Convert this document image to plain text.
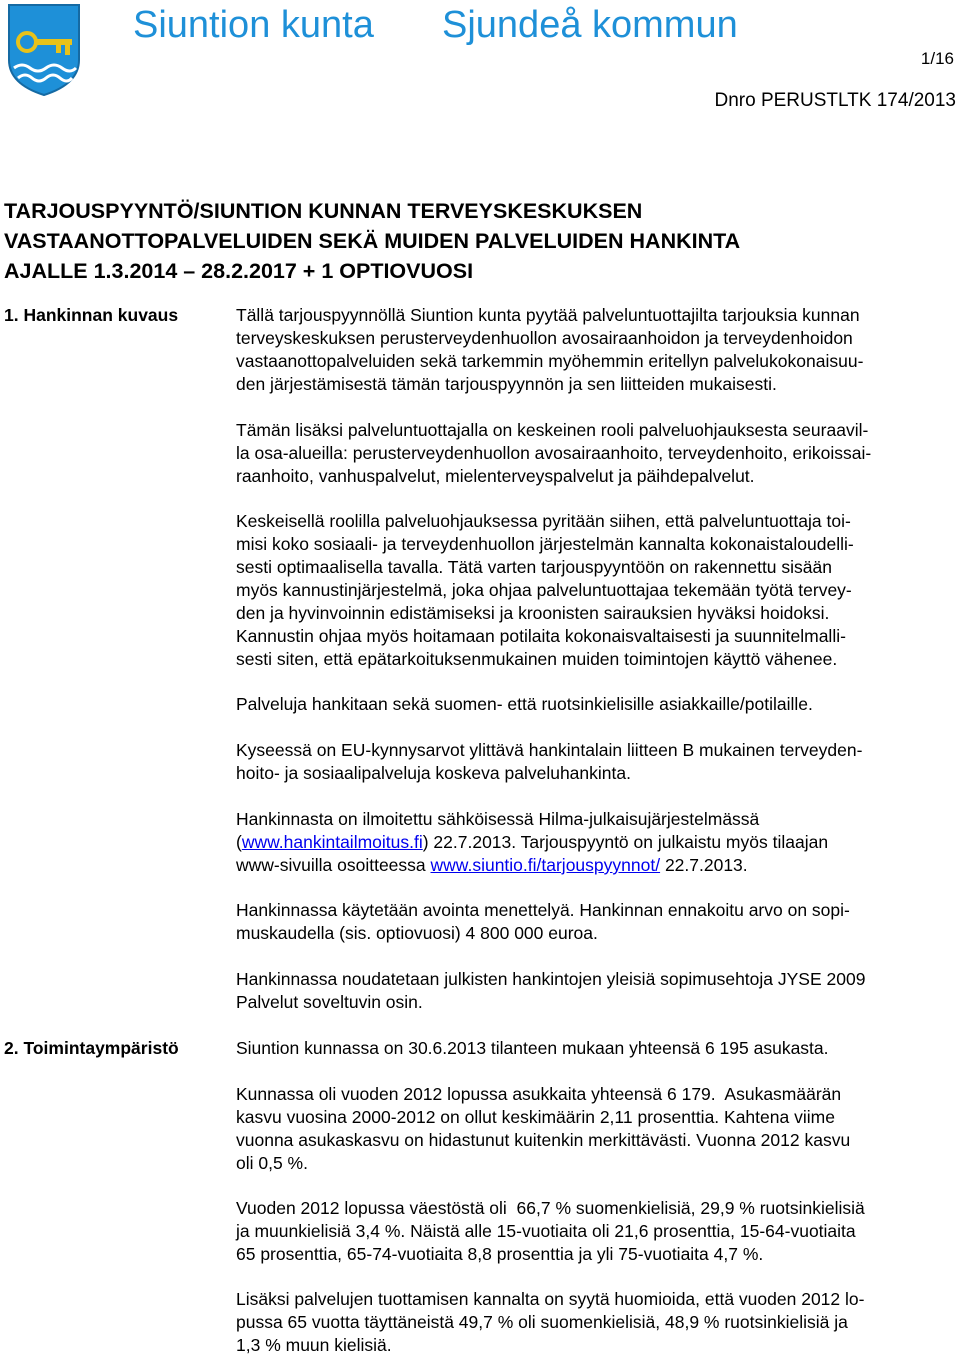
Siuntion kunta Sjundeå kommun
1/16
Dnro PERUSTLTK 174/2013
TARJOUSPYYNTÖ/SIUNTION KUNNAN TERVEYSKESKUKSEN
VASTAANOTTOPALVELUIDEN SEKÄ MUIDEN PALVELUIDEN HANKINTA
AJALLE 1.3.2014 – 28.2.2017 + 1 OPTIOVUOSI
1. Hankinnan kuvaus	Tällä tarjouspyynnöllä Siuntion kunta pyytää palveluntuottajilta tarjouksia kunnan
terveyskeskuksen perusterveydenhuollon avosairaanhoidon ja terveydenhoidon
vastaanottopalveluiden sekä tarkemmin myöhemmin eritellyn palvelukokonaisuu-
den järjestämisestä tämän tarjouspyynnön ja sen liitteiden mukaisesti.

Tämän lisäksi palveluntuottajalla on keskeinen rooli palveluohjauksesta seuraavil-
la osa-alueilla: perusterveydenhuollon avosairaanhoito, terveydenhoito, erikoissai-
raanhoito, vanhuspalvelut, mielenterveyspalvelut ja päihdepalvelut.

Keskeisellä roolilla palveluohjauksessa pyritään siihen, että palveluntuottaja toi-
misi koko sosiaali- ja terveydenhuollon järjestelmän kannalta kokonaistaloudelli-
sesti optimaalisella tavalla. Tätä varten tarjouspyyntöön on rakennettu sisään
myös kannustinjärjestelmä, joka ohjaa palveluntuottajaa tekemään työtä tervey-
den ja hyvinvoinnin edistämiseksi ja kroonisten sairauksien hyväksi hoidoksi.
Kannustin ohjaa myös hoitamaan potilaita kokonaisvaltaisesti ja suunnitelmalli-
sesti siten, että epätarkoituksenmukainen muiden toimintojen käyttö vähenee.

Palveluja hankitaan sekä suomen- että ruotsinkielisille asiakkaille/potilaille.

Kyseessä on EU-kynnysarvot ylittävä hankintalain liitteen B mukainen terveyden-
hoito- ja sosiaalipalveluja koskeva palveluhankinta.

Hankinnasta on ilmoitettu sähköisessä Hilma-julkaisujärjestelmässä
(www.hankintailmoitus.fi) 22.7.2013. Tarjouspyyntö on julkaistu myös tilaajan
www-sivuilla osoitteessa www.siuntio.fi/tarjouspyynnot/ 22.7.2013.

Hankinnassa käytetään avointa menettelyä. Hankinnan ennakoitu arvo on sopi-
muskaudella (sis. optiovuosi) 4 800 000 euroa.

Hankinnassa noudatetaan julkisten hankintojen yleisiä sopimusehtoja JYSE 2009
Palvelut soveltuvin osin.

2. Toimintaympäristö	Siuntion kunnassa on 30.6.2013 tilanteen mukaan yhteensä 6 195 asukasta.

Kunnassa oli vuoden 2012 lopussa asukkaita yhteensä 6 179.  Asukasmäärän
kasvu vuosina 2000-2012 on ollut keskimäärin 2,11 prosenttia. Kahtena viime
vuonna asukaskasvu on hidastunut kuitenkin merkittävästi. Vuonna 2012 kasvu
oli 0,5 %.

Vuoden 2012 lopussa väestöstä oli  66,7 % suomenkielisiä, 29,9 % ruotsinkielisiä
ja muunkielisiä 3,4 %. Näistä alle 15-vuotiaita oli 21,6 prosenttia, 15-64-vuotiaita
65 prosenttia, 65-74-vuotiaita 8,8 prosenttia ja yli 75-vuotiaita 4,7 %.

Lisäksi palvelujen tuottamisen kannalta on syytä huomioida, että vuoden 2012 lo-
pussa 65 vuotta täyttäneistä 49,7 % oli suomenkielisiä, 48,9 % ruotsinkielisiä ja
1,3 % muun kielisiä.
